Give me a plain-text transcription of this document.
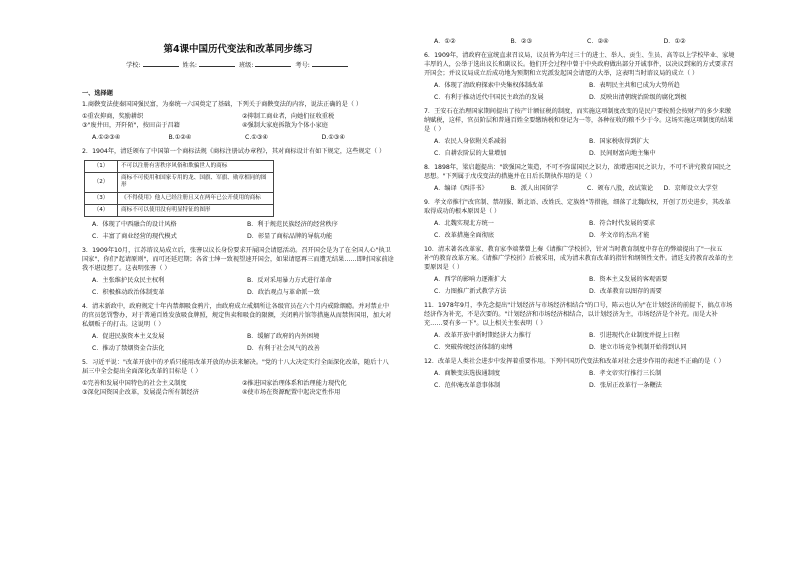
第4课中国历代变法和改革同步练习
学校:	姓名:	班级:	考号:
一、选择题
1.商鞅变法使秦国国强民富，为秦统一六国奠定了基础，下列关于商鞅变法的内容，说法正确的是（ ）
①重农抑商，奖励耕织	②抑制工商业者，向她们征收重税
③"废井田，开阡陌"，按田亩于昌籍	④强制大家庭拆散为个体小家庭
A.①②③④	B.①②④	C.①③④	D.①③④
2．1904年，清廷颁布了中国第一个商标法规《商标注册试办章程》，其对商标设计有如下规定，这些规定（ ）
（1）	不可以注册有害秩序风俗和欺骗世人的商标
（2）	商标不可使用和国家专用的龙、国旗、军旗、勋章相同的图形
（3）	《不得使用》他人已经注册且又在两年已公开使用的商标
（4）	商标不可以使用没有明显特征的图形
A．体现了中西融合的设计风格	B．利于规范民族经济的经营秩序
C．丰富了商业经营的现代模式	D．彰显了商标品牌的导航功能
3．1909年10月，江苏谘议局成立后，张謇以议长身份要求开展国会请愿活动。召开国会是为了在全国人心"执卫国家"，你们"起请原则"，而可还延迟期；各省士绅一致视望速开国会，如果请愿再三而遭无结果……即时国家前途我不堪设想了。这表明张謇（ ）
A．主张维护民众民主权利	B．反对采用暴力方式进行革命
C．积极推动政治体制变革	D．政治观点与革命派一致
4．清末新政中，政府规定十年内禁烟吸食鸦片，由政府成立戒烟所让各级官员在六个月内戒除烟瘾。并对禁止中的官员惩罚警办，对于普通百姓发放吸食牌照，规定售卖和吸食的限额，关闭鸦片馆等措施从而禁售国用，加大对私烟贩子的打击。这说明（ ）
A．促进民族资本主义发展	B．缓解了政府的内外困境
C．推动了禁烟资金合法化	D．有利于社会风气的改善
5．习近平说："改革开放中的矛盾只能用改革开放的办法来解决。"党的十八大决定实行全面深化改革，随后十八届三中全会提出全面深化改革的目标是（ ）
①完善和发展中国特色的社会主义制度	②推进国家治理体系和治理能力现代化
③深化国资国企改革，发展混合所有制经济	④使市场在资源配置中起决定性作用
A．①②	B．②③	C．②④	D．①②
6．1909年，清政府在宣统直隶召议局，议员皆为年过三十的进士、举人、贡生、生员、高等以上学校毕业、家境丰厚的人，公举于选出议长和副议长。他们开会过程中曾于中央政府做出部分开诚事件，以决议到案的方式要求召开国会；并议议局成立后成功地为预期和立宪派发起国会请愿的大举，这表明当时谘议局的成立（ ）
A．体现了清政府探索中央集权体制改革	B．表明民主共和已成为大势所趋
C．有利于推动近代中国民主政治的发展	D．反映出清朝统治阶级的腐化到极
7．王安石在治理国家期间提出了按产计额征税的制度，而实施这项制度改变的是民户要按照会按财产的多少来缴纳赋税，这样，官员阶层和普通百姓全要缴纳税和登记为一等，各种征收的粮不少于今。这场实施这项制度的结果是（ ）
A．农民人身依附关系减弱	B．国家税收得到扩大
C．自耕农阶层的大量增加	D．民间财富向地主集中
8．1898年，梁启超提出："欲强国之策造，不可不弥谋国民之识力，欲增进国民之识力，不可不讲究教育国民之思想。"下列属于戊戌变法的措施并在日后长期执作用的是（ ）
A．编译《西洋书》	B．派人出国留学	C．颁布八股，改试策论	D．京师设立大学堂
9．孝文帝推行"改官制、禁胡服、断北语、改姓氏、定族姓"等措施，细落了北魏政权，开创了历史进步，其改革取得成功的根本原因是（ ）
A．北魏实现北方统一	B．符合时代发展的要求
C．改革措施全面彻底	D．孝文帝的杰出才能
10．清末著名改革家、教育家李端棻曾上奏《请推广学校折》，针对当时教育制度中存在的弊端提出了"一拉五补"的教育改革方案。《请推广学校折》后被采用，成为清末教育改革的指针和纲领性文件。清廷支持教育改革的主要原因是（ ）
A．西学的影响力逐渐扩大	B．资本主义发展的客观需要
C．力图推广新式教学方法	D．改革教育以图存的需要
11．1978年9月，李先念提出"计划经济与市场经济相结合"的口号，陈云也认为"在计划经济的前提下，搞点市场经济作为补充，不是次要的。"计划经济和市场经济相结合，以计划经济为主，市场经济是个补充。而是大补充……要有多一下"。以上相关主张表明（ ）
A．改革开放中新时期经济大力推行	B．引进现代企业制度并提上日程
C．突破传统经济体制的束缚	D．建立市场竞争机制开始得到认同
12．改革是人类社会进步中发挥着重要作用。下列中国历代变法和改革对社会进步作用的表述不正确的是（ ）
A．商鞅变法选拔通制度	B．孝文帝实行推行三长制
C．范仲淹改革意事体制	D．张居正改革行一条鞭法
